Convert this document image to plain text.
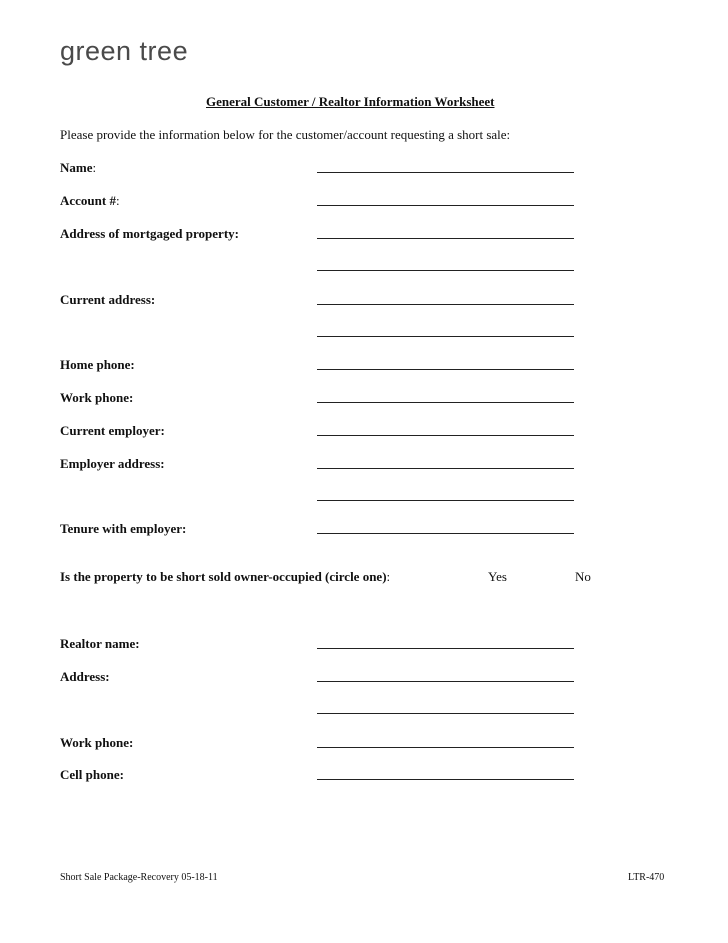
green tree
General Customer / Realtor Information Worksheet
Please provide the information below for the customer/account requesting a short sale:
Name:
Account #:
Address of mortgaged property:
Current address:
Home phone:
Work phone:
Current employer:
Employer address:
Tenure with employer:
Is the property to be short sold owner-occupied (circle one):	Yes	No
Realtor name:
Address:
Work phone:
Cell phone:
Short Sale Package-Recovery 05-18-11	LTR-470
